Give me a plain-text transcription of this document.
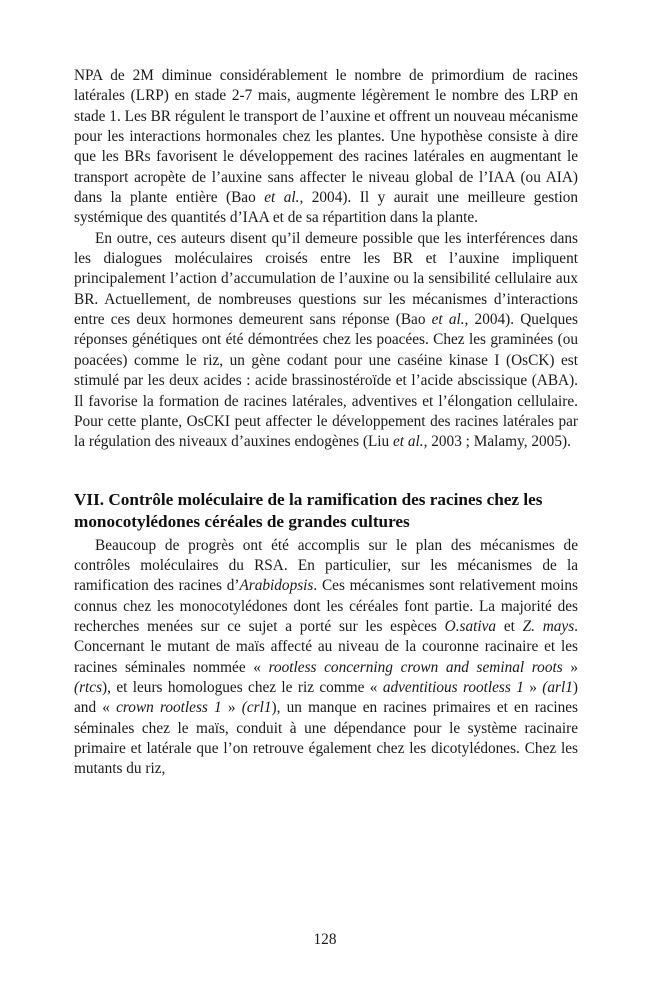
NPA de 2M diminue considérablement le nombre de primordium de racines latérales (LRP) en stade 2-7 mais, augmente légèrement le nombre des LRP en stade 1. Les BR régulent le transport de l’auxine et offrent un nouveau mécanisme pour les interactions hormonales chez les plantes. Une hypothèse consiste à dire que les BRs favorisent le développement des racines latérales en augmentant le transport acropète de l’auxine sans affecter le niveau global de l’IAA (ou AIA) dans la plante entière (Bao et al., 2004). Il y aurait une meilleure gestion systémique des quantités d’IAA et de sa répartition dans la plante.

En outre, ces auteurs disent qu’il demeure possible que les interférences dans les dialogues moléculaires croisés entre les BR et l’auxine impliquent principalement l’action d’accumulation de l’auxine ou la sensibilité cellulaire aux BR. Actuellement, de nombreuses questions sur les mécanismes d’interactions entre ces deux hormones demeurent sans réponse (Bao et al., 2004). Quelques réponses génétiques ont été démontrées chez les poacées. Chez les graminées (ou poacées) comme le riz, un gène codant pour une caséine kinase I (OsCK) est stimulé par les deux acides : acide brassinostéroïde et l’acide abscissique (ABA). Il favorise la formation de racines latérales, adventives et l’élongation cellulaire. Pour cette plante, OsCKI peut affecter le développement des racines latérales par la régulation des niveaux d’auxines endogènes (Liu et al., 2003 ; Malamy, 2005).

VII. Contrôle moléculaire de la ramification des racines chez les monocotylédones céréales de grandes cultures

Beaucoup de progrès ont été accomplis sur le plan des mécanismes de contrôles moléculaires du RSA. En particulier, sur les mécanismes de la ramification des racines d’Arabidopsis. Ces mécanismes sont relativement moins connus chez les monocotylédones dont les céréales font partie. La majorité des recherches menées sur ce sujet a porté sur les espèces O.sativa et Z. mays. Concernant le mutant de maïs affecté au niveau de la couronne racinaire et les racines séminales nommée « rootless concerning crown and seminal roots » (rtcs), et leurs homologues chez le riz comme « adventitious rootless 1 » (arl1) and « crown rootless 1 » (crl1), un manque en racines primaires et en racines séminales chez le maïs, conduit à une dépendance pour le système racinaire primaire et latérale que l’on retrouve également chez les dicotylédones. Chez les mutants du riz,

128
